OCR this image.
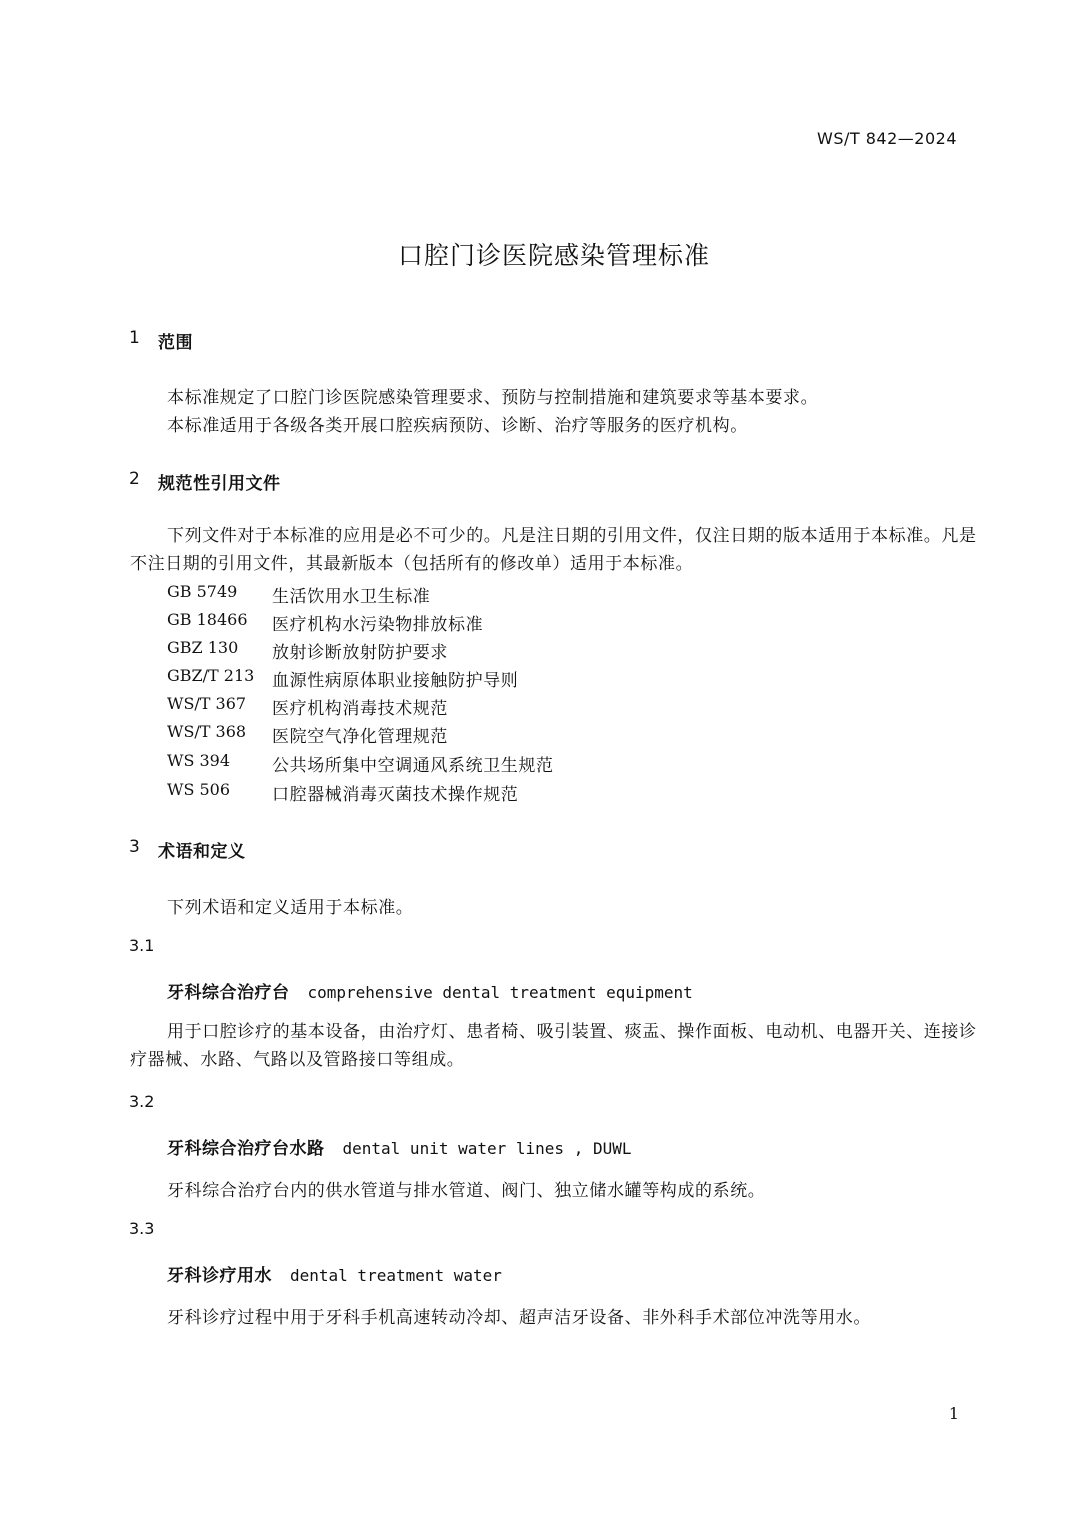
WS/T 842—2024
口腔门诊医院感染管理标准
1 范围
本标准规定了口腔门诊医院感染管理要求、预防与控制措施和建筑要求等基本要求。
本标准适用于各级各类开展口腔疾病预防、诊断、治疗等服务的医疗机构。
2 规范性引用文件
下列文件对于本标准的应用是必不可少的。凡是注日期的引用文件，仅注日期的版本适用于本标准。凡是不注日期的引用文件，其最新版本（包括所有的修改单）适用于本标准。
GB 5749 生活饮用水卫生标准
GB 18466 医疗机构水污染物排放标准
GBZ 130 放射诊断放射防护要求
GBZ/T 213 血源性病原体职业接触防护导则
WS/T 367 医疗机构消毒技术规范
WS/T 368 医院空气净化管理规范
WS 394 公共场所集中空调通风系统卫生规范
WS 506 口腔器械消毒灭菌技术操作规范
3 术语和定义
下列术语和定义适用于本标准。
3.1
牙科综合治疗台 comprehensive dental treatment equipment
用于口腔诊疗的基本设备，由治疗灯、患者椅、吸引装置、痰盂、操作面板、电动机、电器开关、连接诊疗器械、水路、气路以及管路接口等组成。
3.2
牙科综合治疗台水路 dental unit water lines , DUWL
牙科综合治疗台内的供水管道与排水管道、阀门、独立储水罐等构成的系统。
3.3
牙科诊疗用水 dental treatment water
牙科诊疗过程中用于牙科手机高速转动冷却、超声洁牙设备、非外科手术部位冲洗等用水。
1
